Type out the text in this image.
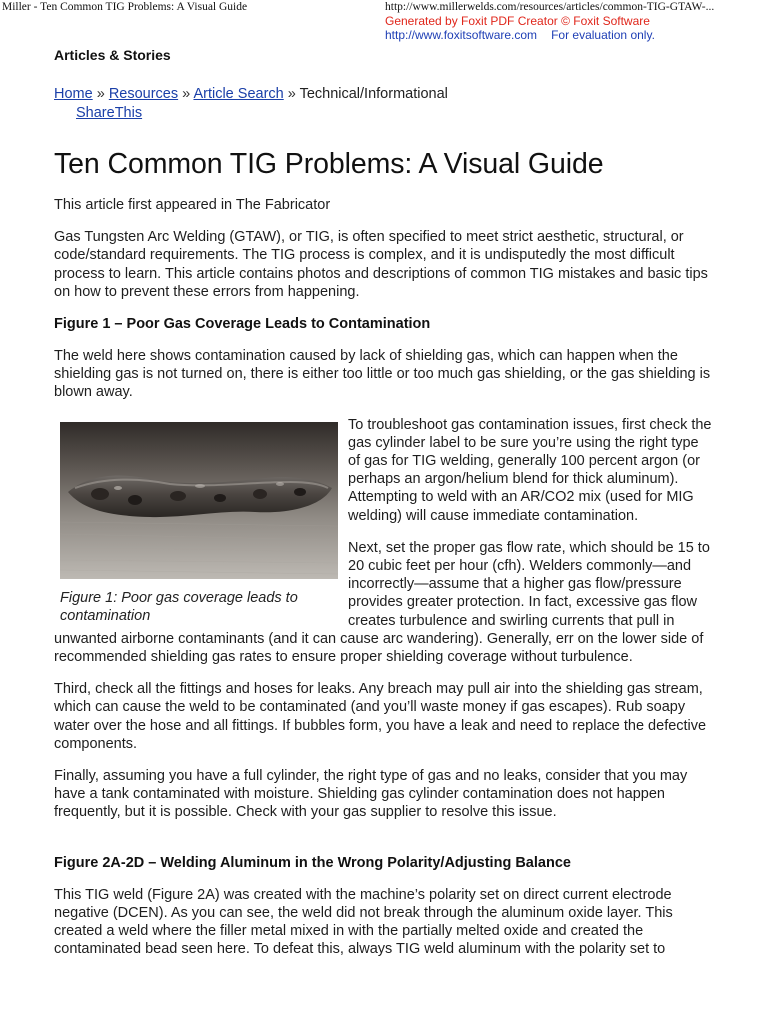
Miller - Ten Common TIG Problems: A Visual Guide	http://www.millerwelds.com/resources/articles/common-TIG-GTAW-...
Generated by Foxit PDF Creator © Foxit Software
http://www.foxitsoftware.com For evaluation only.
Articles & Stories
Home » Resources » Article Search » Technical/Informational
ShareThis
Ten Common TIG Problems: A Visual Guide

This article first appeared in The Fabricator

Gas Tungsten Arc Welding (GTAW), or TIG, is often specified to meet strict aesthetic, structural, or code/standard requirements. The TIG process is complex, and it is undisputedly the most difficult process to learn. This article contains photos and descriptions of common TIG mistakes and basic tips on how to prevent these errors from happening.

Figure 1 – Poor Gas Coverage Leads to Contamination

The weld here shows contamination caused by lack of shielding gas, which can happen when the shielding gas is not turned on, there is either too little or too much gas shielding, or the gas shielding is blown away.

Figure 1: Poor gas coverage leads to contamination

To troubleshoot gas contamination issues, first check the gas cylinder label to be sure you’re using the right type of gas for TIG welding, generally 100 percent argon (or perhaps an argon/helium blend for thick aluminum). Attempting to weld with an AR/CO2 mix (used for MIG welding) will cause immediate contamination.

Next, set the proper gas flow rate, which should be 15 to 20 cubic feet per hour (cfh). Welders commonly—and incorrectly—assume that a higher gas flow/pressure provides greater protection. In fact, excessive gas flow creates turbulence and swirling currents that pull in unwanted airborne contaminants (and it can cause arc wandering). Generally, err on the lower side of recommended shielding gas rates to ensure proper shielding coverage without turbulence.

Third, check all the fittings and hoses for leaks. Any breach may pull air into the shielding gas stream, which can cause the weld to be contaminated (and you’ll waste money if gas escapes). Rub soapy water over the hose and all fittings. If bubbles form, you have a leak and need to replace the defective components.

Finally, assuming you have a full cylinder, the right type of gas and no leaks, consider that you may have a tank contaminated with moisture. Shielding gas cylinder contamination does not happen frequently, but it is possible. Check with your gas supplier to resolve this issue.

Figure 2A-2D – Welding Aluminum in the Wrong Polarity/Adjusting Balance

This TIG weld (Figure 2A) was created with the machine’s polarity set on direct current electrode negative (DCEN). As you can see, the weld did not break through the aluminum oxide layer. This created a weld where the filler metal mixed in with the partially melted oxide and created the contaminated bead seen here. To defeat this, always TIG weld aluminum with the polarity set to
